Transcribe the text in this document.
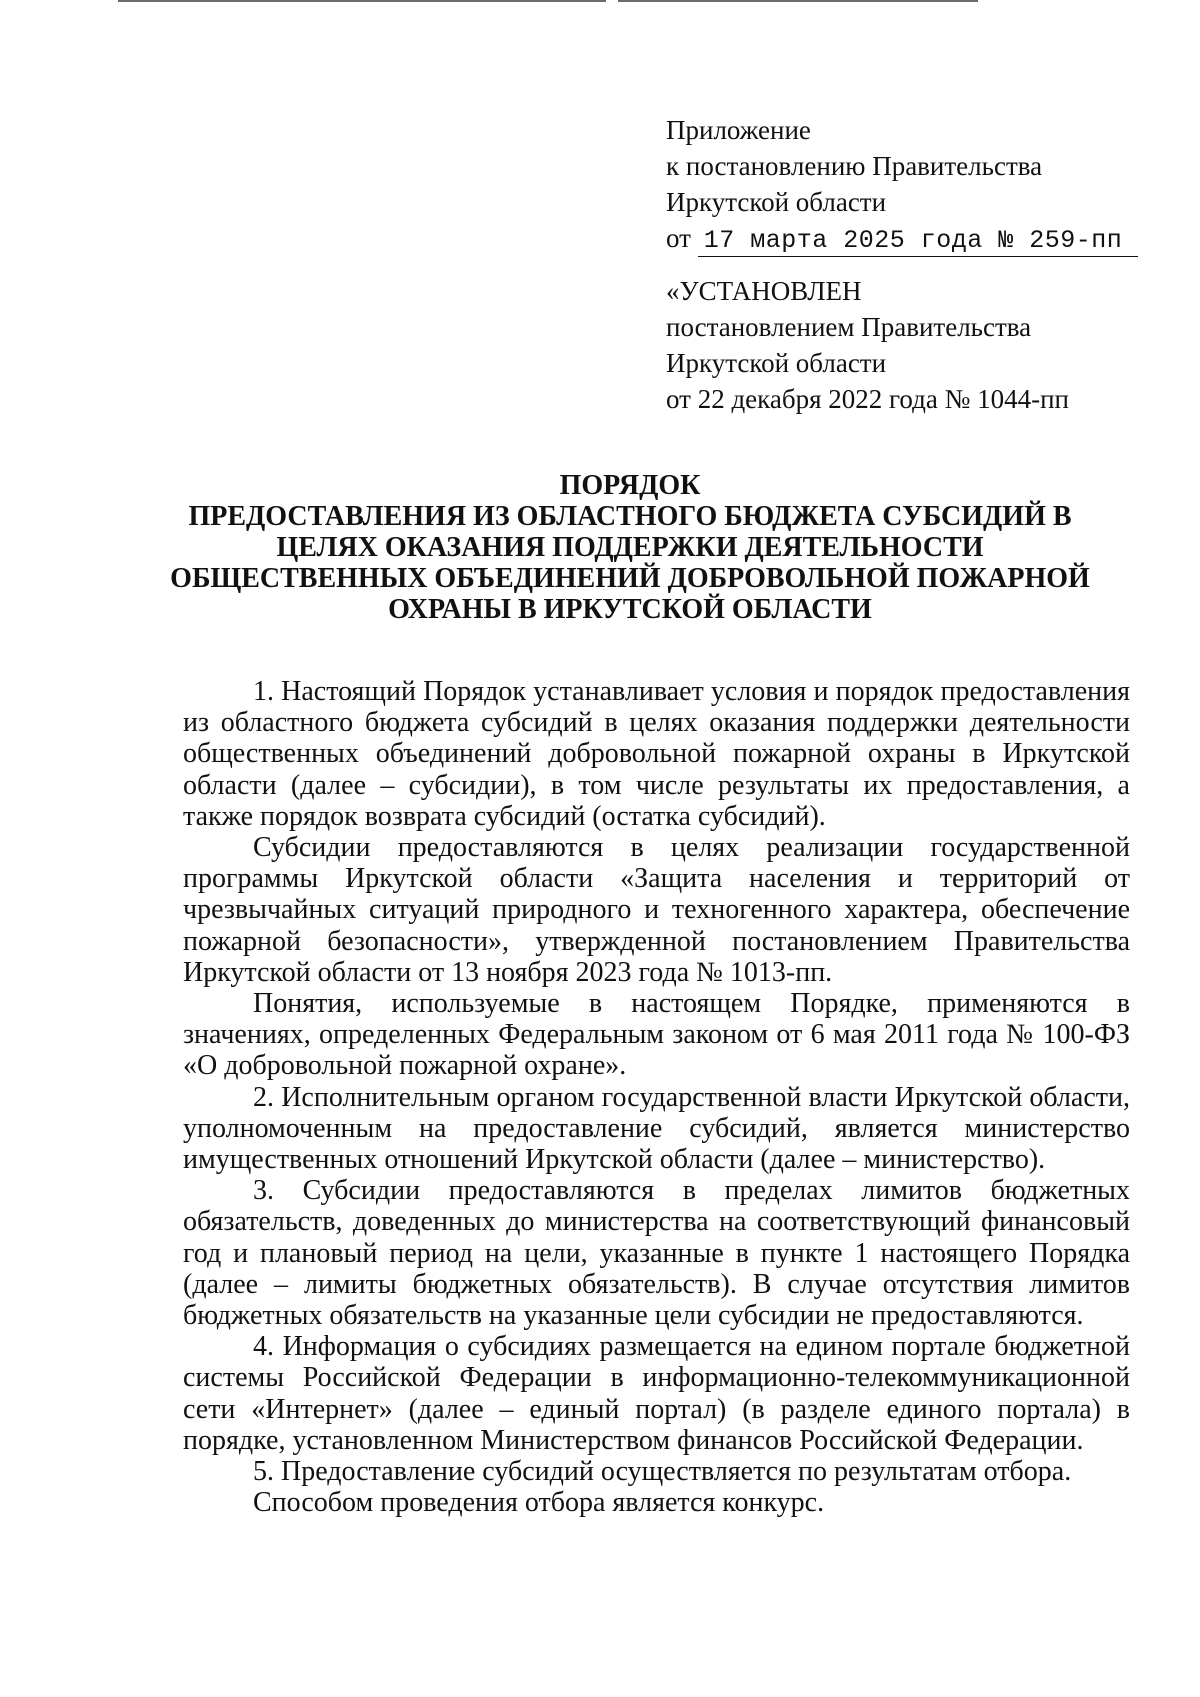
Приложение
к постановлению Правительства
Иркутской области
от 17 марта 2025 года № 259-пп
«УСТАНОВЛЕН
постановлением Правительства
Иркутской области
от 22 декабря 2022 года № 1044-пп
ПОРЯДОК
ПРЕДОСТАВЛЕНИЯ ИЗ ОБЛАСТНОГО БЮДЖЕТА СУБСИДИЙ В
ЦЕЛЯХ ОКАЗАНИЯ ПОДДЕРЖКИ ДЕЯТЕЛЬНОСТИ
ОБЩЕСТВЕННЫХ ОБЪЕДИНЕНИЙ ДОБРОВОЛЬНОЙ ПОЖАРНОЙ
ОХРАНЫ В ИРКУТСКОЙ ОБЛАСТИ

1. Настоящий Порядок устанавливает условия и порядок предоставления из областного бюджета субсидий в целях оказания поддержки деятельности общественных объединений добровольной пожарной охраны в Иркутской области (далее – субсидии), в том числе результаты их предоставления, а также порядок возврата субсидий (остатка субсидий).

Субсидии предоставляются в целях реализации государственной программы Иркутской области «Защита населения и территорий от чрезвычайных ситуаций природного и техногенного характера, обеспечение пожарной безопасности», утвержденной постановлением Правительства Иркутской области от 13 ноября 2023 года № 1013-пп.

Понятия, используемые в настоящем Порядке, применяются в значениях, определенных Федеральным законом от 6 мая 2011 года № 100-ФЗ «О добровольной пожарной охране».

2. Исполнительным органом государственной власти Иркутской области, уполномоченным на предоставление субсидий, является министерство имущественных отношений Иркутской области (далее – министерство).

3. Субсидии предоставляются в пределах лимитов бюджетных обязательств, доведенных до министерства на соответствующий финансовый год и плановый период на цели, указанные в пункте 1 настоящего Порядка (далее – лимиты бюджетных обязательств). В случае отсутствия лимитов бюджетных обязательств на указанные цели субсидии не предоставляются.

4. Информация о субсидиях размещается на едином портале бюджетной системы Российской Федерации в информационно-телекоммуникационной сети «Интернет» (далее – единый портал) (в разделе единого портала) в порядке, установленном Министерством финансов Российской Федерации.

5. Предоставление субсидий осуществляется по результатам отбора.

Способом проведения отбора является конкурс.
